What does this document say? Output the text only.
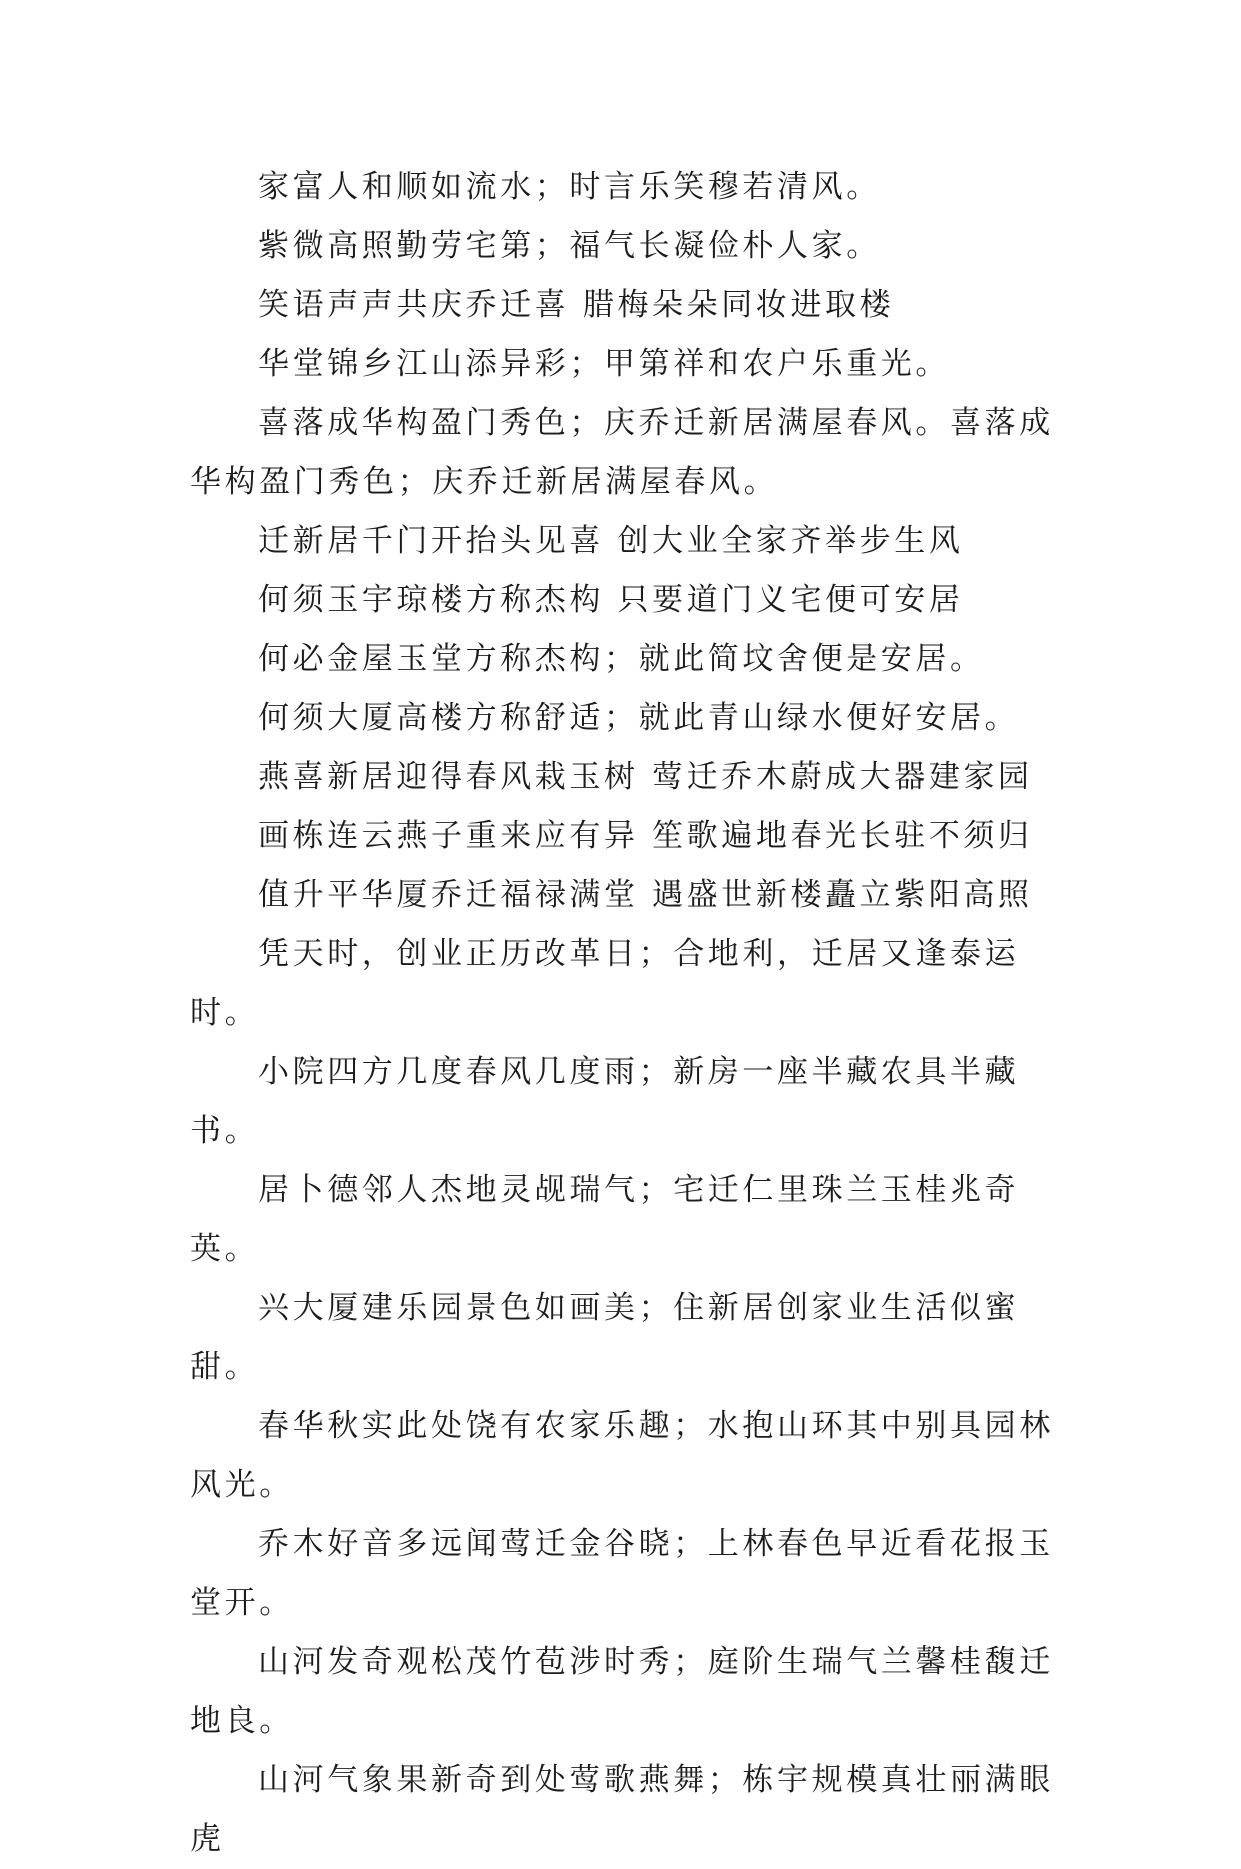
家富人和顺如流水；时言乐笑穆若清风。

紫微高照勤劳宅第；福气长凝俭朴人家。

笑语声声共庆乔迁喜 腊梅朵朵同妆进取楼

华堂锦乡江山添异彩；甲第祥和农户乐重光。

喜落成华构盈门秀色；庆乔迁新居满屋春风。喜落成华构盈门秀色；庆乔迁新居满屋春风。

迁新居千门开抬头见喜 创大业全家齐举步生风

何须玉宇琼楼方称杰构 只要道门义宅便可安居

何必金屋玉堂方称杰构；就此简坟舍便是安居。

何须大厦高楼方称舒适；就此青山绿水便好安居。

燕喜新居迎得春风栽玉树 莺迁乔木蔚成大器建家园

画栋连云燕子重来应有异 笙歌遍地春光长驻不须归

值升平华厦乔迁福禄满堂 遇盛世新楼矗立紫阳高照

凭天时，创业正历改革日；合地利，迁居又逢泰运时。

小院四方几度春风几度雨；新房一座半藏农具半藏书。

居卜德邻人杰地灵觇瑞气；宅迁仁里珠兰玉桂兆奇英。

兴大厦建乐园景色如画美；住新居创家业生活似蜜甜。

春华秋实此处饶有农家乐趣；水抱山环其中别具园林风光。

乔木好音多远闻莺迁金谷晓；上林春色早近看花报玉堂开。

山河发奇观松茂竹苞涉时秀；庭阶生瑞气兰馨桂馥迁地良。

山河气象果新奇到处莺歌燕舞；栋宇规模真壮丽满眼虎
